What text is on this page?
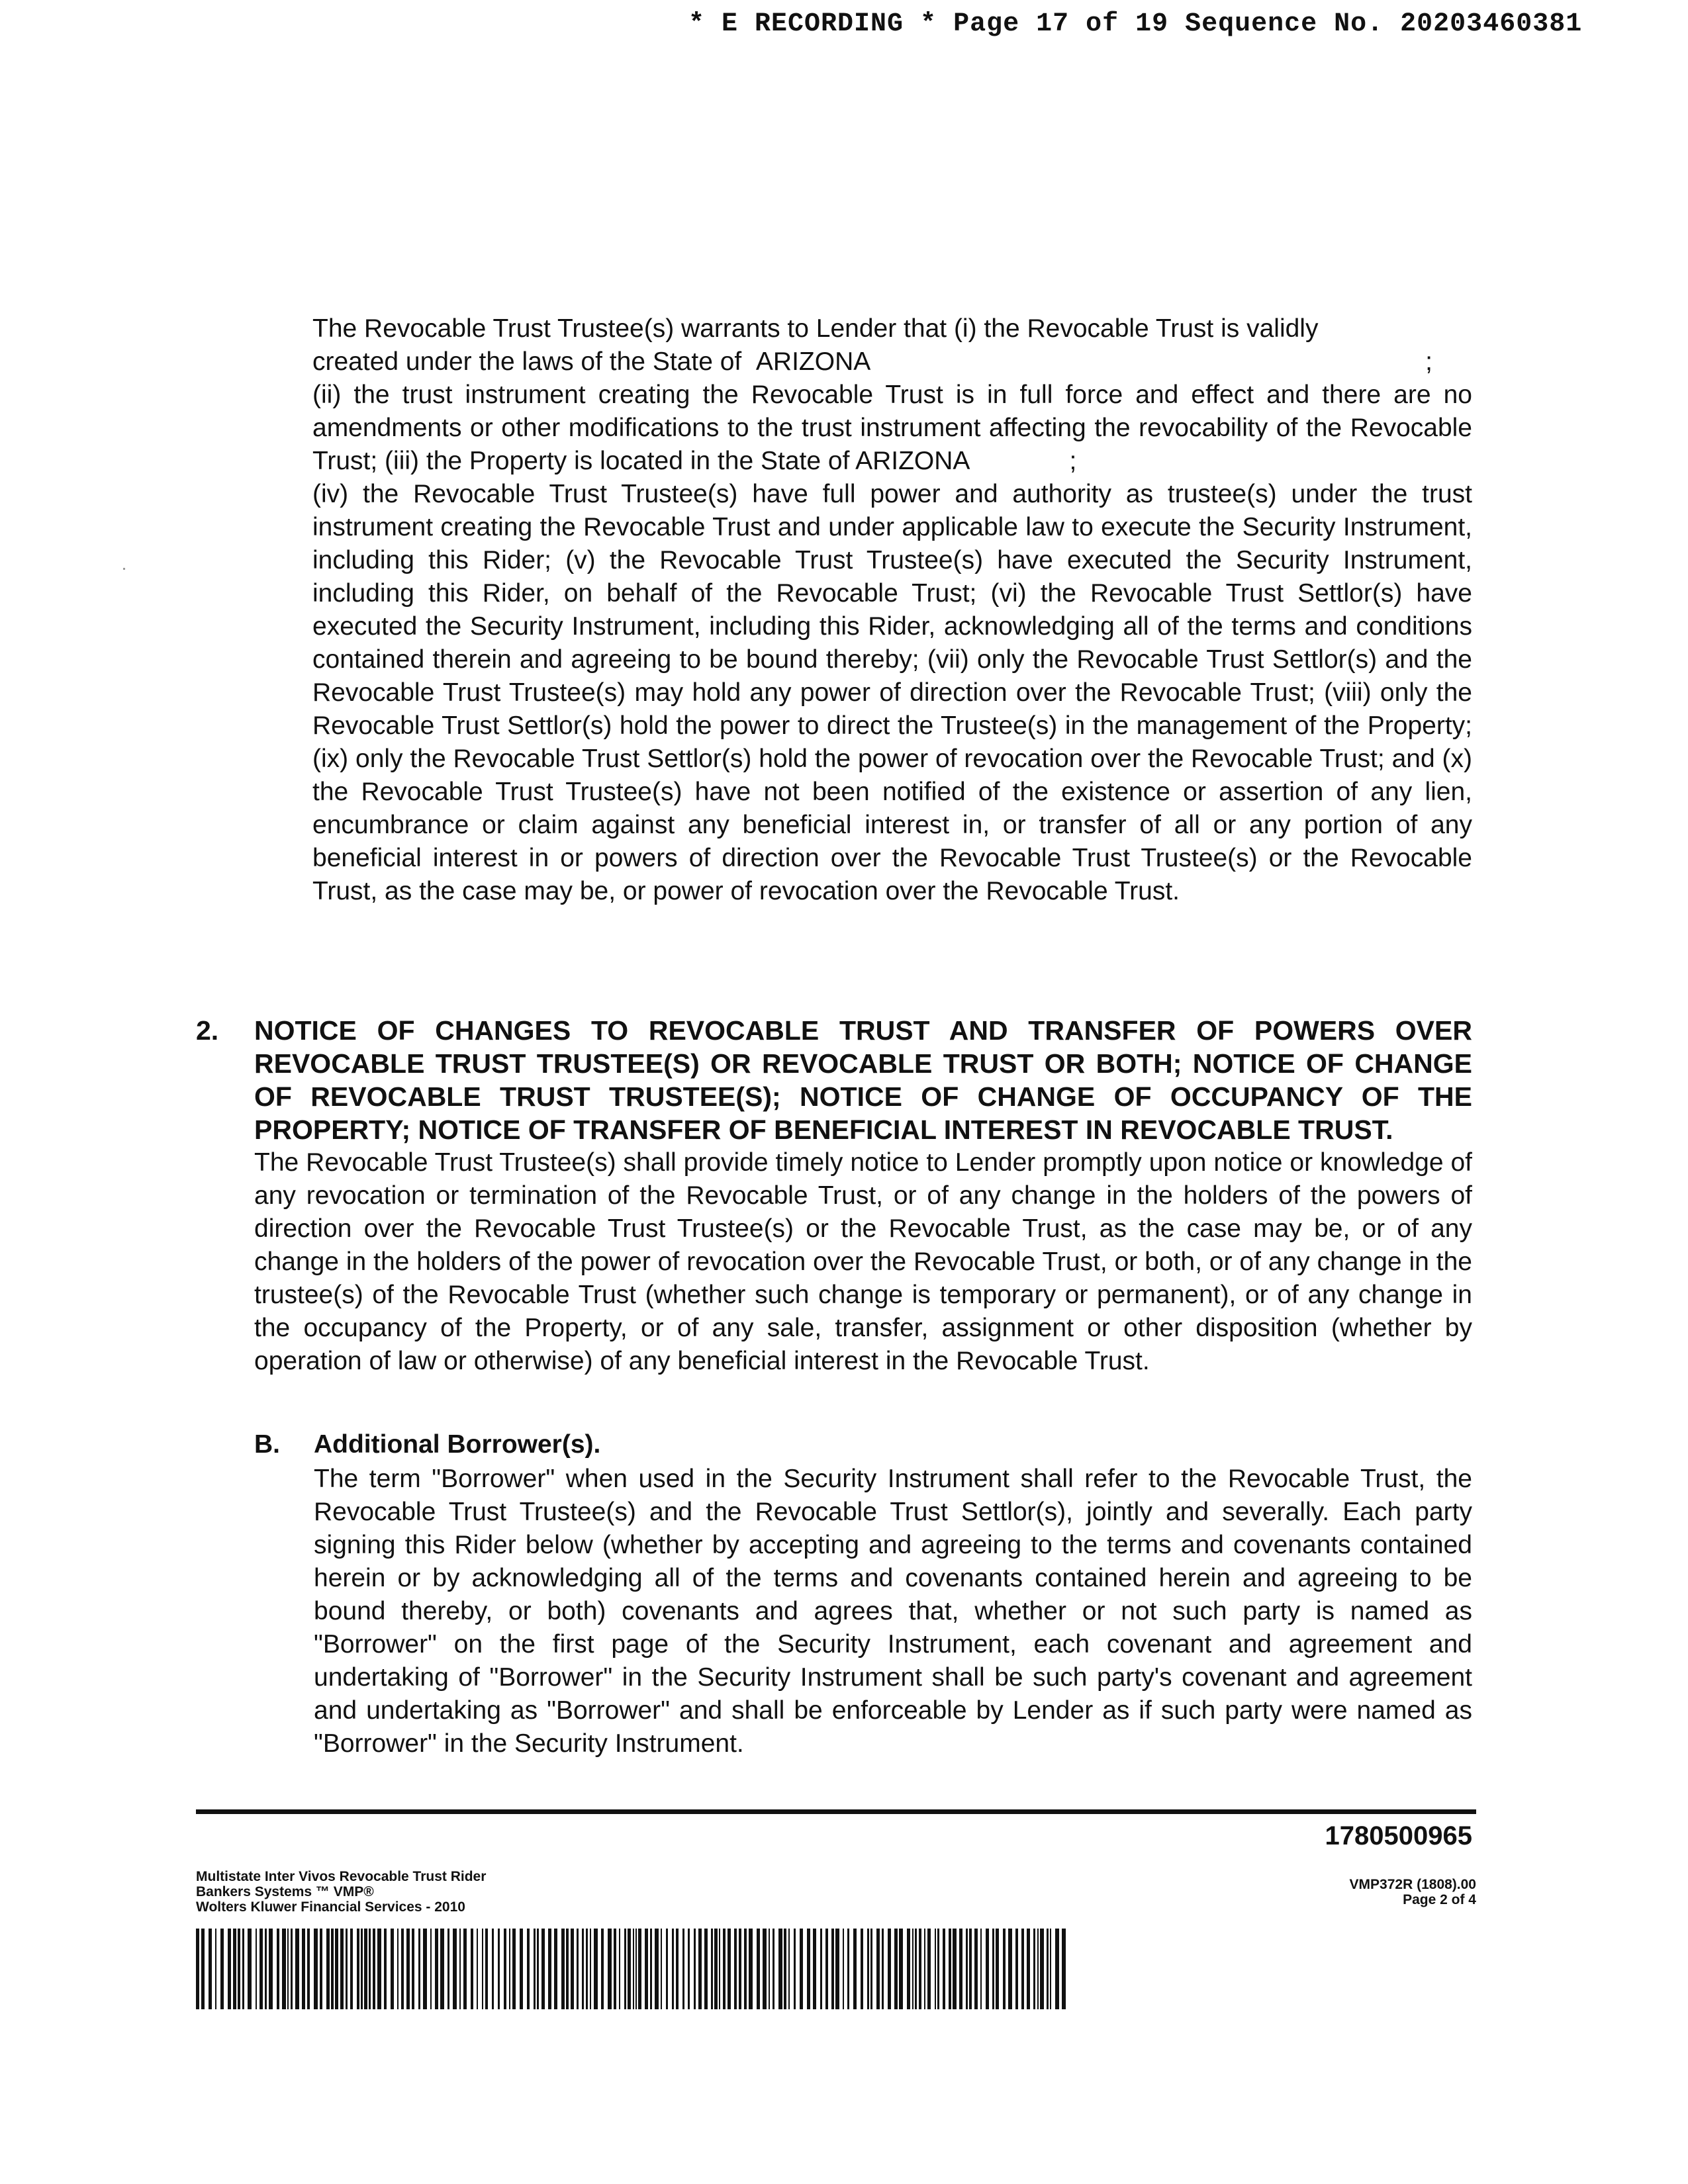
* E RECORDING * Page 17 of 19 Sequence No. 20203460381
The Revocable Trust Trustee(s) warrants to Lender that (i) the Revocable Trust is validly
created under the laws of the State of
ARIZONA	;
(ii) the trust instrument creating the Revocable Trust is in full force and effect and there are no amendments or other modifications to the trust instrument affecting the revocability of the Revocable Trust; (iii) the Property is located in the State of ARIZONA	;
(iv) the Revocable Trust Trustee(s) have full power and authority as trustee(s) under the trust instrument creating the Revocable Trust and under applicable law to execute the Security Instrument, including this Rider; (v) the Revocable Trust Trustee(s) have executed the Security Instrument, including this Rider, on behalf of the Revocable Trust; (vi) the Revocable Trust Settlor(s) have executed the Security Instrument, including this Rider, acknowledging all of the terms and conditions contained therein and agreeing to be bound thereby; (vii) only the Revocable Trust Settlor(s) and the Revocable Trust Trustee(s) may hold any power of direction over the Revocable Trust; (viii) only the Revocable Trust Settlor(s) hold the power to direct the Trustee(s) in the management of the Property; (ix) only the Revocable Trust Settlor(s) hold the power of revocation over the Revocable Trust; and (x) the Revocable Trust Trustee(s) have not been notified of the existence or assertion of any lien, encumbrance or claim against any beneficial interest in, or transfer of all or any portion of any beneficial interest in or powers of direction over the Revocable Trust Trustee(s) or the Revocable Trust, as the case may be, or power of revocation over the Revocable Trust.
2. NOTICE OF CHANGES TO REVOCABLE TRUST AND TRANSFER OF POWERS OVER REVOCABLE TRUST TRUSTEE(S) OR REVOCABLE TRUST OR BOTH; NOTICE OF CHANGE OF REVOCABLE TRUST TRUSTEE(S); NOTICE OF CHANGE OF OCCUPANCY OF THE PROPERTY; NOTICE OF TRANSFER OF BENEFICIAL INTEREST IN REVOCABLE TRUST.
The Revocable Trust Trustee(s) shall provide timely notice to Lender promptly upon notice or knowledge of any revocation or termination of the Revocable Trust, or of any change in the holders of the powers of direction over the Revocable Trust Trustee(s) or the Revocable Trust, as the case may be, or of any change in the holders of the power of revocation over the Revocable Trust, or both, or of any change in the trustee(s) of the Revocable Trust (whether such change is temporary or permanent), or of any change in the occupancy of the Property, or of any sale, transfer, assignment or other disposition (whether by operation of law or otherwise) of any beneficial interest in the Revocable Trust.
B. Additional Borrower(s).
The term "Borrower" when used in the Security Instrument shall refer to the Revocable Trust, the Revocable Trust Trustee(s) and the Revocable Trust Settlor(s), jointly and severally. Each party signing this Rider below (whether by accepting and agreeing to the terms and covenants contained herein or by acknowledging all of the terms and covenants contained herein and agreeing to be bound thereby, or both) covenants and agrees that, whether or not such party is named as "Borrower" on the first page of the Security Instrument, each covenant and agreement and undertaking of "Borrower" in the Security Instrument shall be such party's covenant and agreement and undertaking as "Borrower" and shall be enforceable by Lender as if such party were named as "Borrower" in the Security Instrument.
1780500965
Multistate Inter Vivos Revocable Trust Rider
Bankers Systems ™ VMP®
Wolters Kluwer Financial Services - 2010
VMP372R (1808).00
Page 2 of 4
